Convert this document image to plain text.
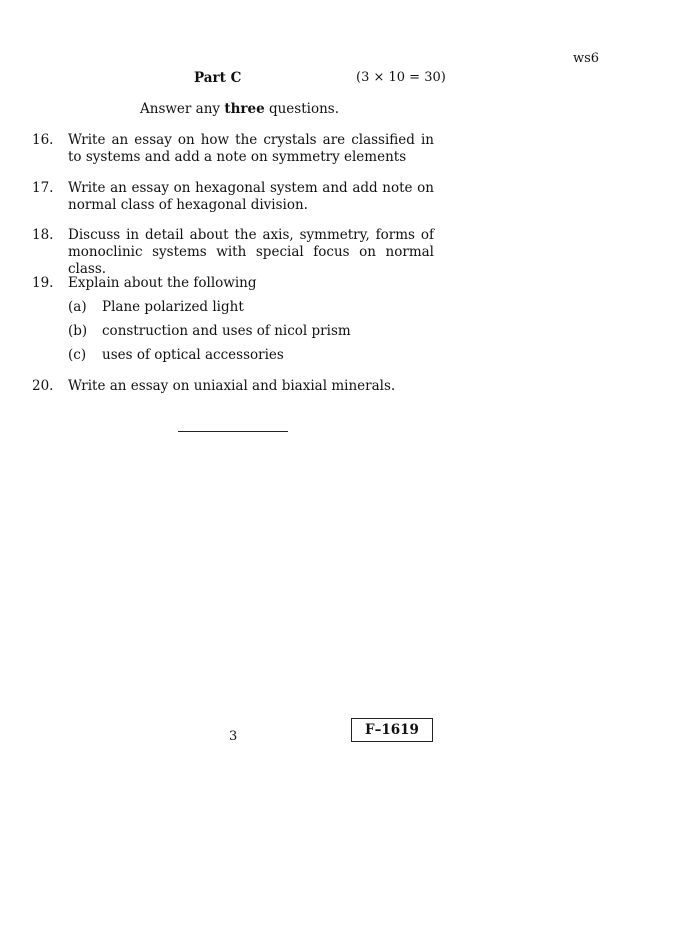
ws6
Part C	(3 × 10 = 30)
Answer any three questions.
16.	Write an essay on how the crystals are classified in to systems and add a note on symmetry elements
17.	Write an essay on hexagonal system and add note on normal class of hexagonal division.
18.	Discuss in detail about the axis, symmetry, forms of monoclinic systems with special focus on normal class.
19.	Explain about the following
(a)	Plane polarized light
(b)	construction and uses of nicol prism
(c)	uses of optical accessories
20.	Write an essay on uniaxial and biaxial minerals.
3	F–1619
